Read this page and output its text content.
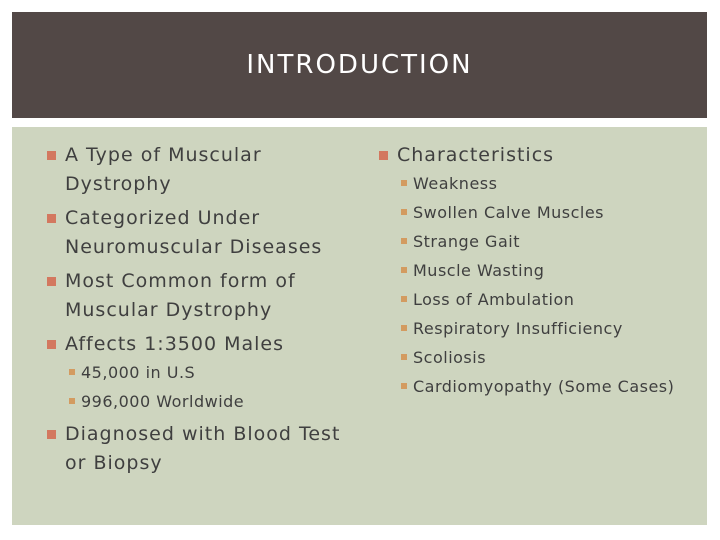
INTRODUCTION
A Type of Muscular Dystrophy
Categorized Under Neuromuscular Diseases
Most Common form of Muscular Dystrophy
Affects 1:3500 Males
45,000 in U.S
996,000 Worldwide
Diagnosed with Blood Test or Biopsy
Characteristics
Weakness
Swollen Calve Muscles
Strange Gait
Muscle Wasting
Loss of Ambulation
Respiratory Insufficiency
Scoliosis
Cardiomyopathy (Some Cases)
